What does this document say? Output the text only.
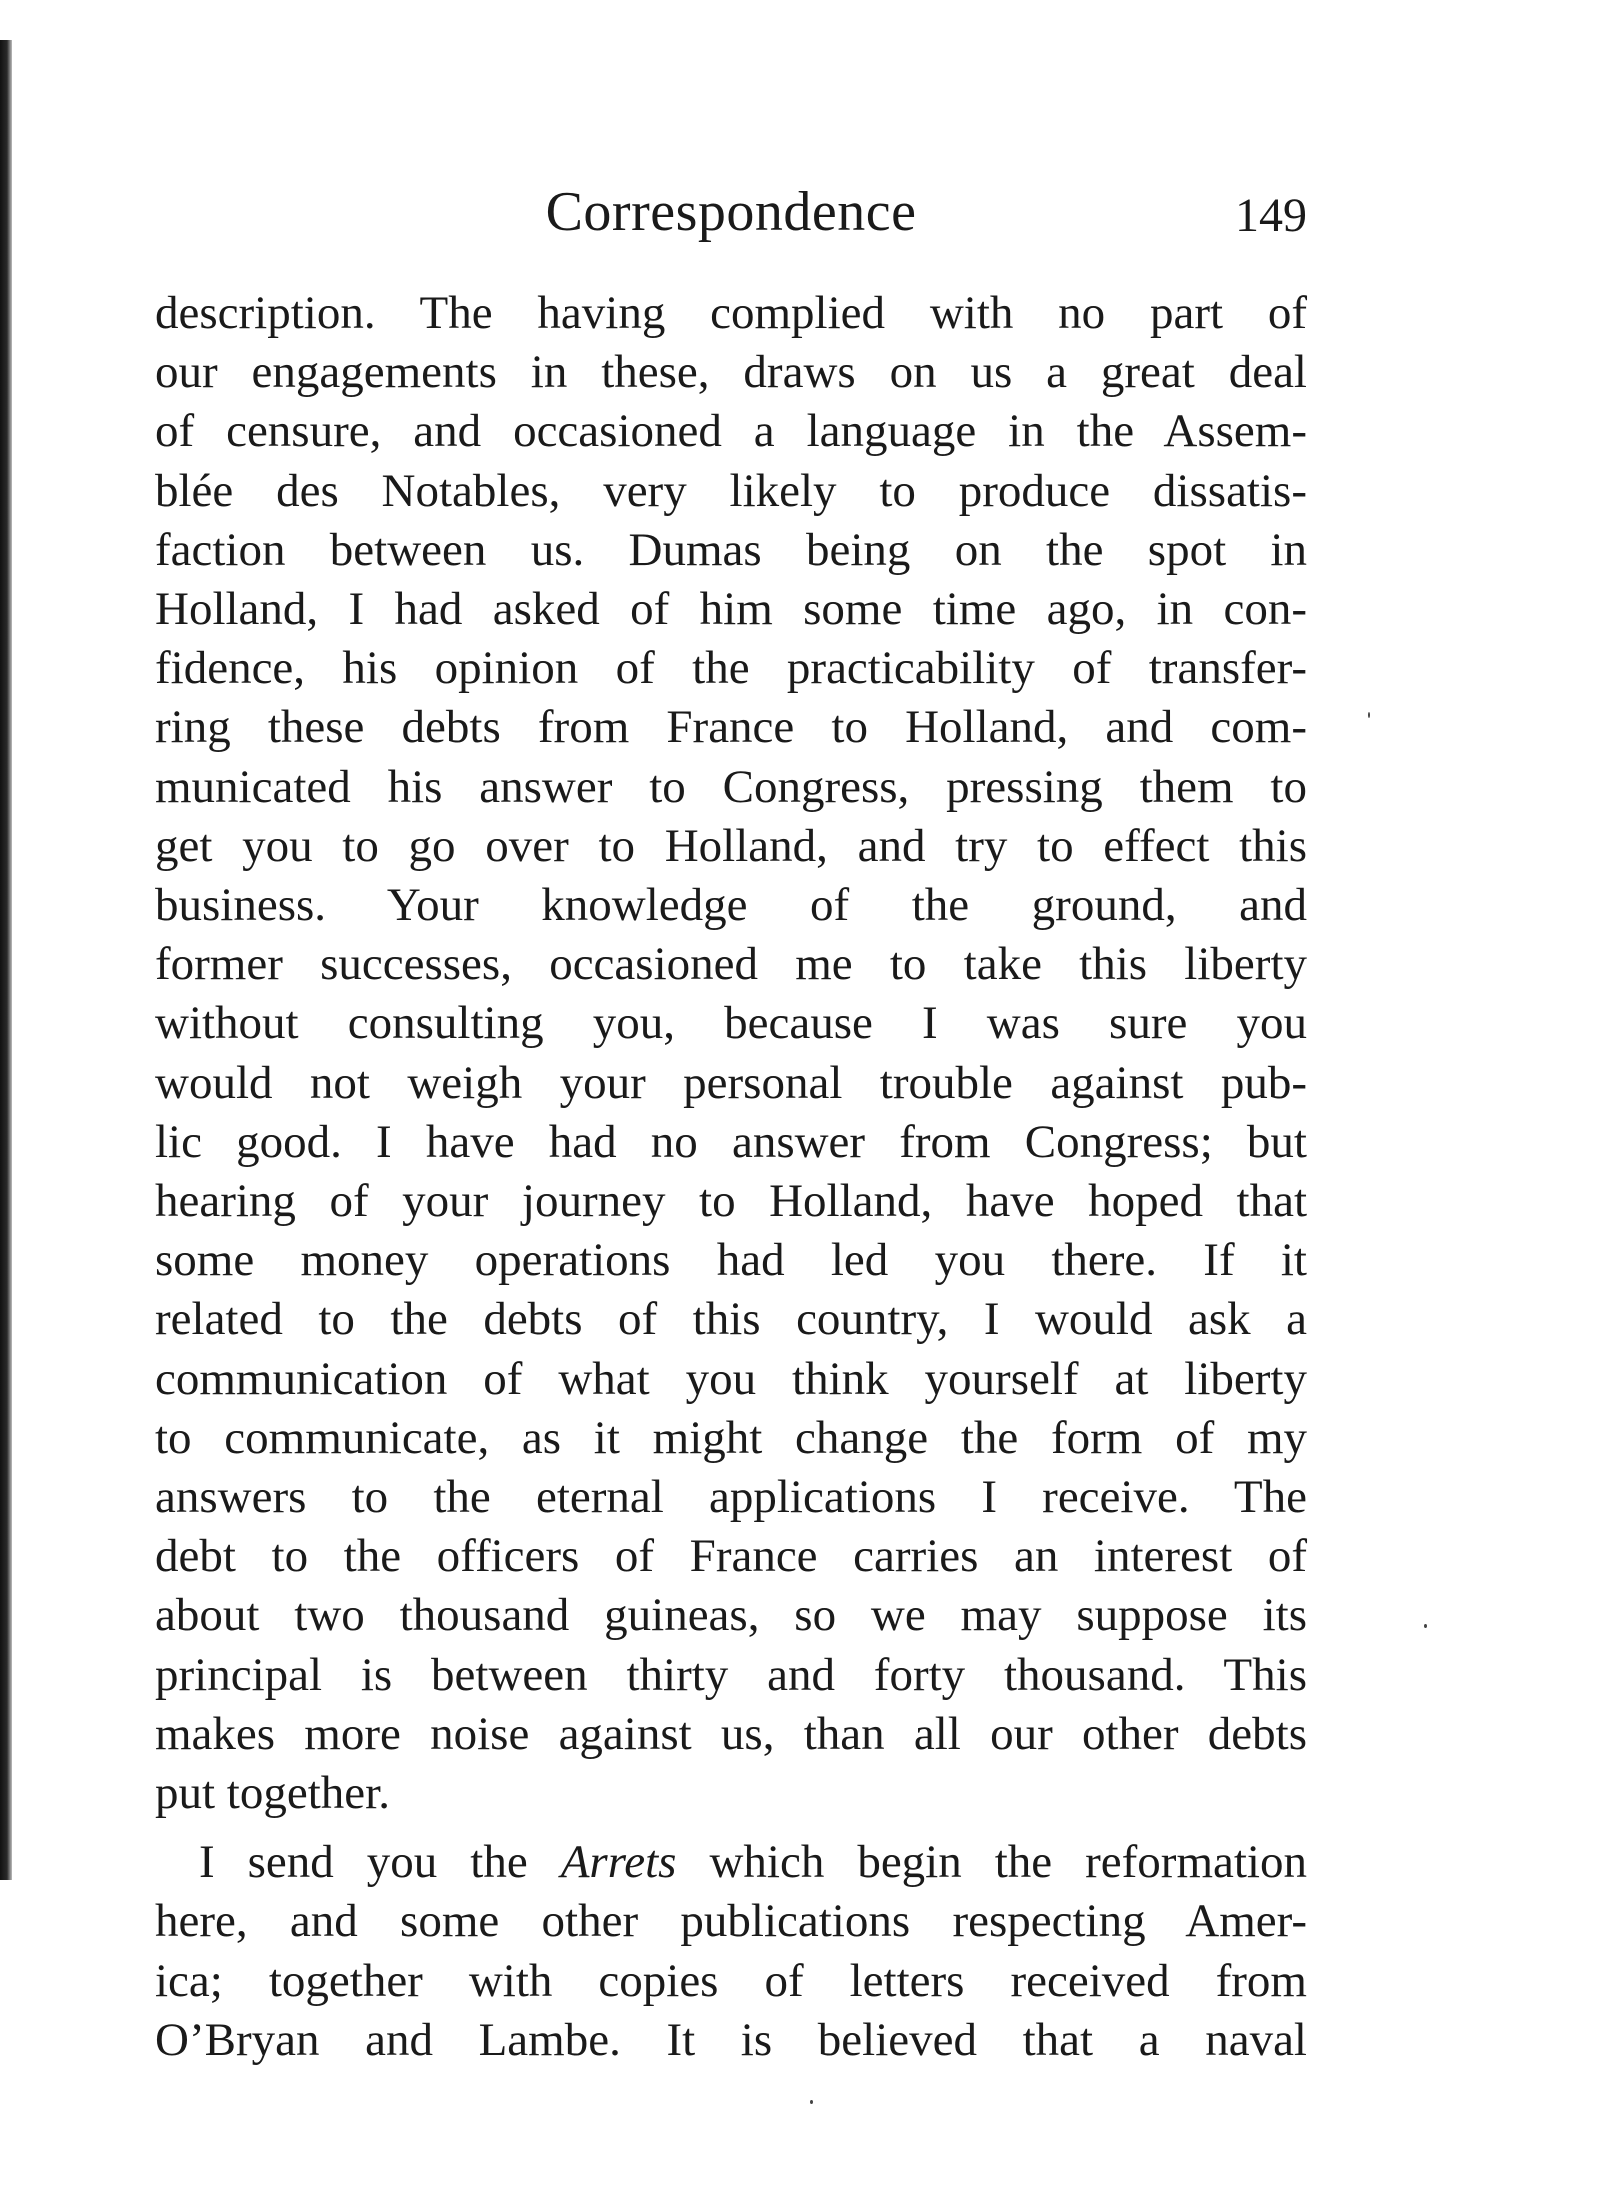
Correspondence	149

description. The having complied with no part of
our engagements in these, draws on us a great deal
of censure, and occasioned a language in the Assem-
blée des Notables, very likely to produce dissatis-
faction between us. Dumas being on the spot in
Holland, I had asked of him some time ago, in con-
fidence, his opinion of the practicability of transfer-
ring these debts from France to Holland, and com-
municated his answer to Congress, pressing them to
get you to go over to Holland, and try to effect this
business. Your knowledge of the ground, and
former successes, occasioned me to take this liberty
without consulting you, because I was sure you
would not weigh your personal trouble against pub-
lic good. I have had no answer from Congress; but
hearing of your journey to Holland, have hoped that
some money operations had led you there. If it
related to the debts of this country, I would ask a
communication of what you think yourself at liberty
to communicate, as it might change the form of my
answers to the eternal applications I receive. The
debt to the officers of France carries an interest of
about two thousand guineas, so we may suppose its
principal is between thirty and forty thousand. This
makes more noise against us, than all our other debts
put together.

I send you the Arrets which begin the reformation
here, and some other publications respecting Amer-
ica; together with copies of letters received from
O’Bryan and Lambe. It is believed that a naval
